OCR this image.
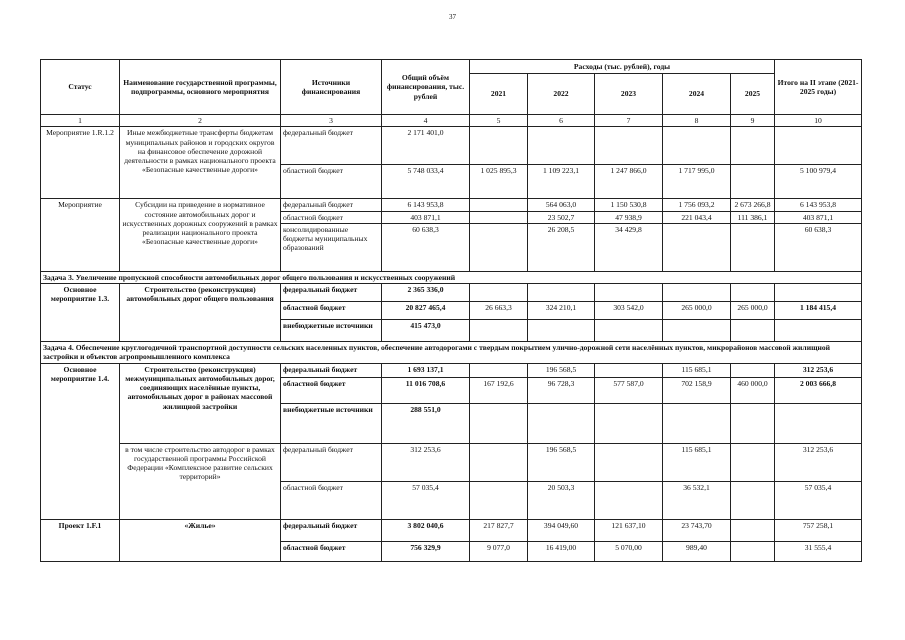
37
Статус	Наименование государственной программы, подпрограммы, основного мероприятия	Источники финансирования	Общий объём финансирования, тыс. рублей	Расходы (тыс. рублей), годы					Итого на II этапе (2021-2025 годы)
				2021	2022	2023	2024	2025	
1	2	3	4	5	6	7	8	9	10
Мероприятие 1.R.1.2	Иные межбюджетные трансферты бюджетам муниципальных районов и городских округов на финансовое обеспечение дорожной деятельности в рамках национального проекта «Безопасные качественные дороги»	федеральный бюджет	2 171 401,0						
		областной бюджет	5 748 033,4	1 025 895,3	1 109 223,1	1 247 866,0	1 717 995,0		5 100 979,4
Мероприятие	Субсидии на приведение в нормативное состояние автомобильных дорог и искусственных дорожных сооружений в рамках реализации национального проекта «Безопасные качественные дороги»	федеральный бюджет	6 143 953,8		564 063,0	1 150 530,8	1 756 093,2	2 673 266,8	6 143 953,8
		областной бюджет	403 871,1		23 502,7	47 938,9	221 043,4	111 386,1	403 871,1
		консолидированные бюджеты муниципальных образований	60 638,3		26 208,5	34 429,8			60 638,3
Задача 3. Увеличение пропускной способности автомобильных дорог общего пользования и искусственных сооружений									
Основное мероприятие 1.3.	Строительство (реконструкция) автомобильных дорог общего пользования	федеральный бюджет	2 365 336,0						
		областной бюджет	20 827 465,4	26 663,3	324 210,1	303 542,0	265 000,0	265 000,0	1 184 415,4
		внебюджетные источники	415 473,0						
Задача 4. Обеспечение круглогодичной транспортной доступности сельских населенных пунктов, обеспечение автодорогами с твердым покрытием улично-дорожной сети населённых пунктов, микрорайонов массовой жилищной застройки и объектов агропромышленного комплекса									
Основное мероприятие 1.4.	Строительство (реконструкция) межмуниципальных автомобильных дорог, соединяющих населённые пункты, автомобильных дорог в районах массовой жилищной застройки	федеральный бюджет	1 693 137,1		196 568,5		115 685,1		312 253,6
		областной бюджет	11 016 708,6	167 192,6	96 728,3	577 587,0	702 158,9	460 000,0	2 003 666,8
		внебюджетные источники	288 551,0						
	в том числе строительство автодорог в рамках государственной программы Российской Федерации «Комплексное развитие сельских территорий»	федеральный бюджет	312 253,6		196 568,5		115 685,1		312 253,6
		областной бюджет	57 035,4		20 503,3		36 532,1		57 035,4
Проект 1.F.1	«Жилье»	федеральный бюджет	3 802 040,6	217 827,7	394 049,60	121 637,10	23 743,70		757 258,1
		областной бюджет	756 329,9	9 077,0	16 419,00	5 070,00	989,40		31 555,4
